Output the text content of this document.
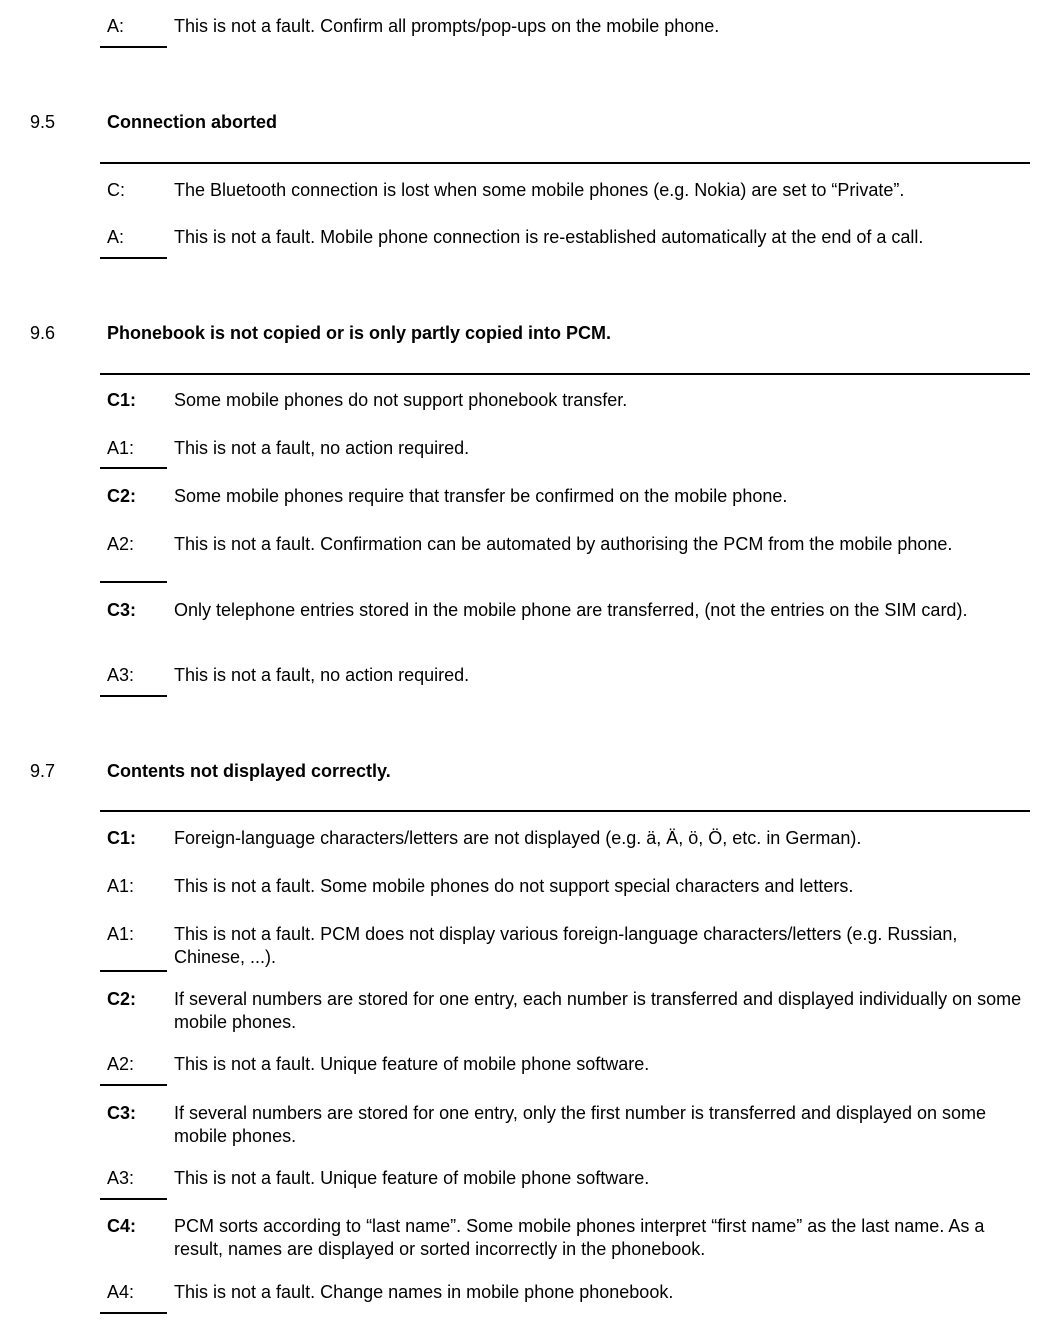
A:	This is not a fault. Confirm all prompts/pop-ups on the mobile phone.
9.5	Connection aborted
C:	The Bluetooth connection is lost when some mobile phones (e.g. Nokia) are set to “Private”.
A:	This is not a fault. Mobile phone connection is re-established automatically at the end of a call.
9.6	Phonebook is not copied or is only partly copied into PCM.
C1:	Some mobile phones do not support phonebook transfer.
A1:	This is not a fault, no action required.
C2:	Some mobile phones require that transfer be confirmed on the mobile phone.
A2:	This is not a fault. Confirmation can be automated by authorising the PCM from the mobile phone.
C3:	Only telephone entries stored in the mobile phone are transferred, (not the entries on the SIM card).
A3:	This is not a fault, no action required.
9.7	Contents not displayed correctly.
C1:	Foreign-language characters/letters are not displayed (e.g. ä, Ä, ö, Ö, etc. in German).
A1:	This is not a fault. Some mobile phones do not support special characters and letters.
A1:	This is not a fault. PCM does not display various foreign-language characters/letters (e.g. Russian, Chinese, ...).
C2:	If several numbers are stored for one entry, each number is transferred and displayed individually on some mobile phones.
A2:	This is not a fault. Unique feature of mobile phone software.
C3:	If several numbers are stored for one entry, only the first number is transferred and displayed on some mobile phones.
A3:	This is not a fault. Unique feature of mobile phone software.
C4:	PCM sorts according to “last name”. Some mobile phones interpret “first name” as the last name. As a result, names are displayed or sorted incorrectly in the phonebook.
A4:	This is not a fault. Change names in mobile phone phonebook.
